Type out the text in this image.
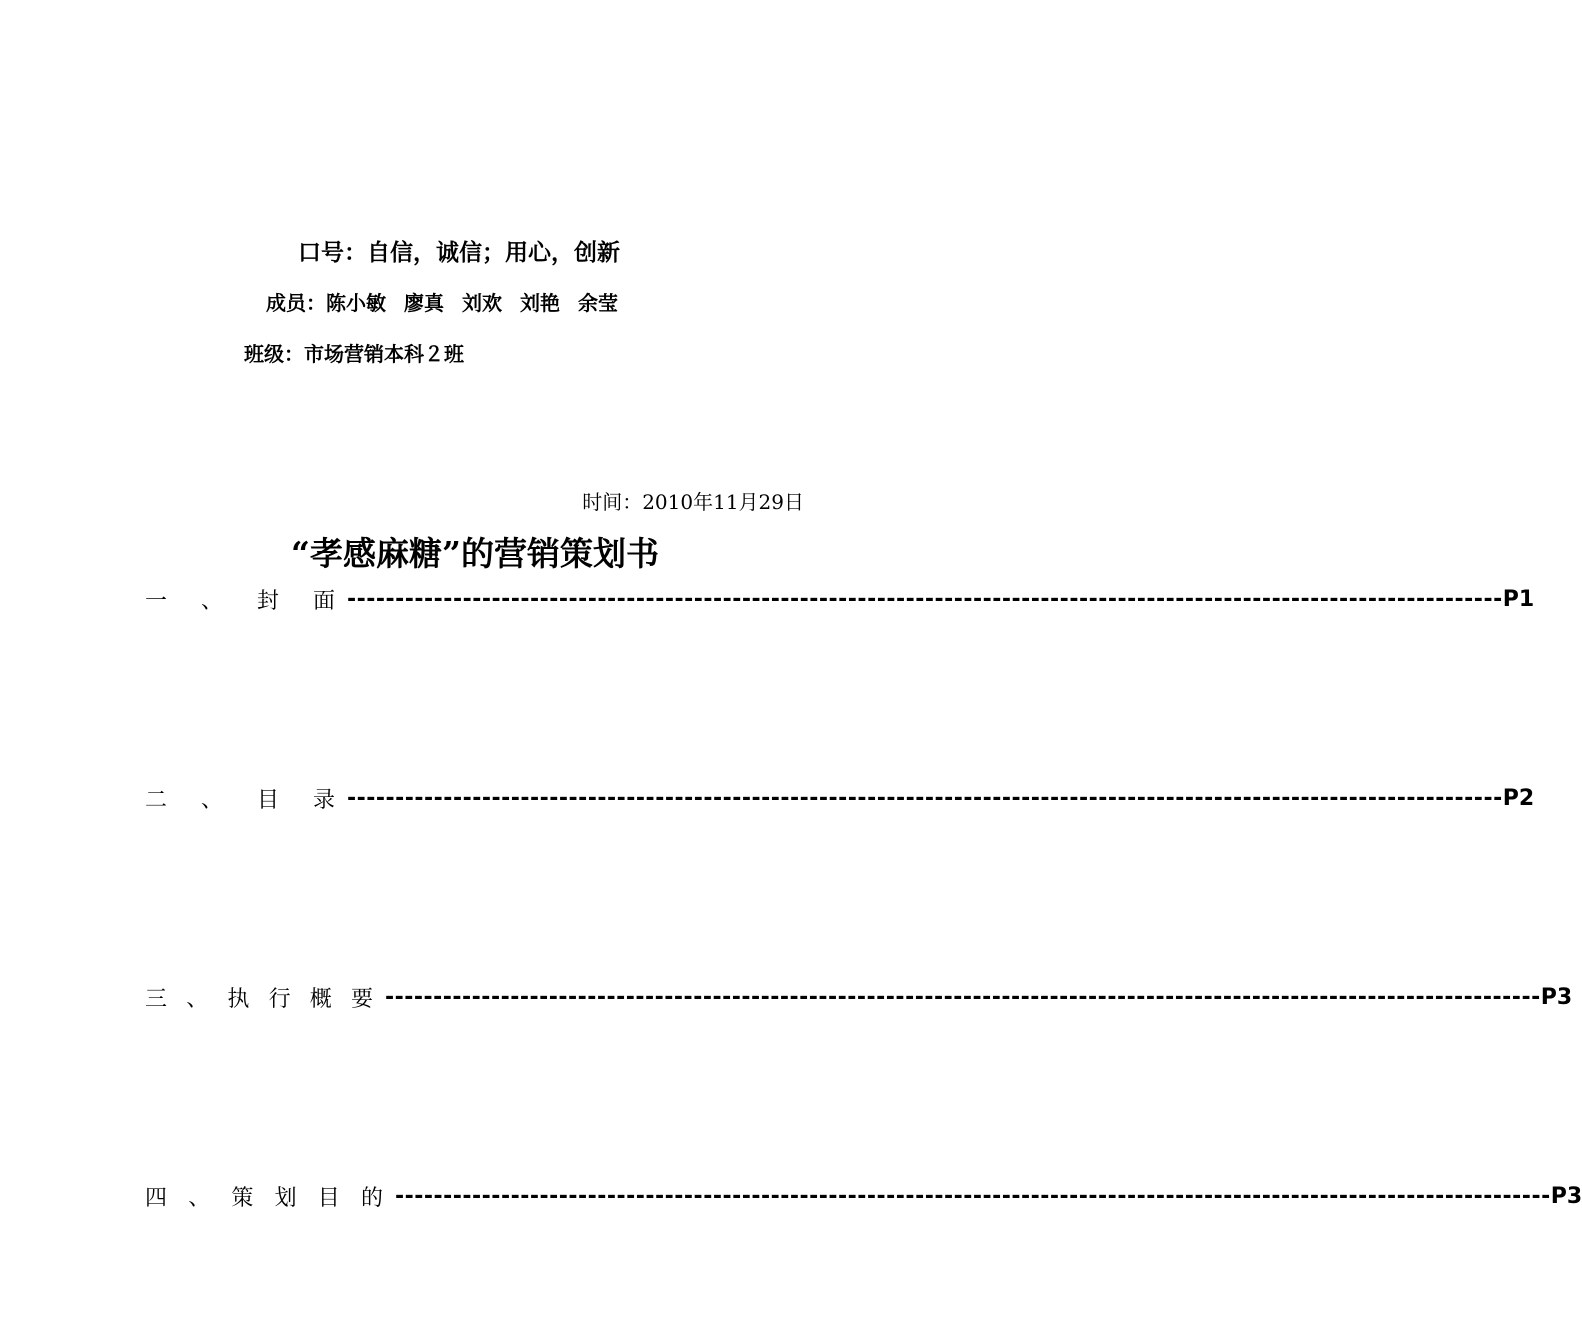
口号：自信，诚信；用心，创新
成员：陈小敏 廖真 刘欢 刘艳 余莹
班级：市场营销本科２班
时间：2010年11月29日
“孝感麻糖”的营销策划书
一 、 封 面 ------------------------------------------------------------------------------------------------------------------------ P1
二 、 目 录 ------------------------------------------------------------------------------------------------------------------------ P2
三 、 执 行 概 要 ------------------------------------------------------------------------------------------------------------------------ P3
四 、 策 划 目 的 ------------------------------------------------------------------------------------------------------------------------ P3
